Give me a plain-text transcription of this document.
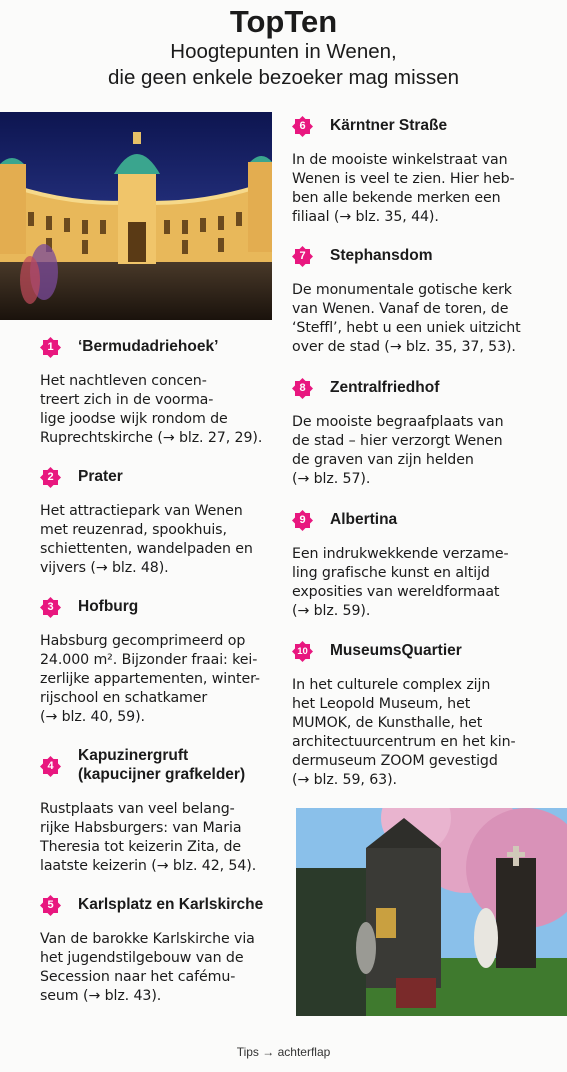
TopTen
Hoogtepunten in Wenen,
die geen enkele bezoeker mag missen
1	‘Bermudadriehoek’
Het nachtleven concen-
treert zich in de voorma-
lige joodse wijk rondom de
Ruprechtskirche (→ blz. 27, 29).
2	Prater
Het attractiepark van Wenen
met reuzenrad, spookhuis,
schiettenten, wandelpaden en
vijvers (→ blz. 48).
3	Hofburg
Habsburg gecomprimeerd op
24.000 m². Bijzonder fraai: kei-
zerlijke appartementen, winter-
rijschool en schatkamer
(→ blz. 40, 59).
4
Kapuzinergruft
(kapucijner grafkelder)
Rustplaats van veel belang-
rijke Habsburgers: van Maria
Theresia tot keizerin Zita, de
laatste keizerin (→ blz. 42, 54).
5	Karlsplatz en Karlskirche
Van de barokke Karlskirche via
het jugendstilgebouw van de
Secession naar het cafému-
seum (→ blz. 43).
6	Kärntner Straße
In de mooiste winkelstraat van
Wenen is veel te zien. Hier heb-
ben alle bekende merken een
filiaal (→ blz. 35, 44).
7	Stephansdom
De monumentale gotische kerk
van Wenen. Vanaf de toren, de
‘Steffl’, hebt u een uniek uitzicht
over de stad (→ blz. 35, 37, 53).
8	Zentralfriedhof
De mooiste begraafplaats van
de stad – hier verzorgt Wenen
de graven van zijn helden
(→ blz. 57).
9	Albertina
Een indrukwekkende verzame-
ling grafische kunst en altijd
exposities van wereldformaat
(→ blz. 59).
10	MuseumsQuartier
In het culturele complex zijn
het Leopold Museum, het
MUMOK, de Kunsthalle, het
architectuurcentrum en het kin-
dermuseum ZOOM gevestigd
(→ blz. 59, 63).
Tips → achterflap
